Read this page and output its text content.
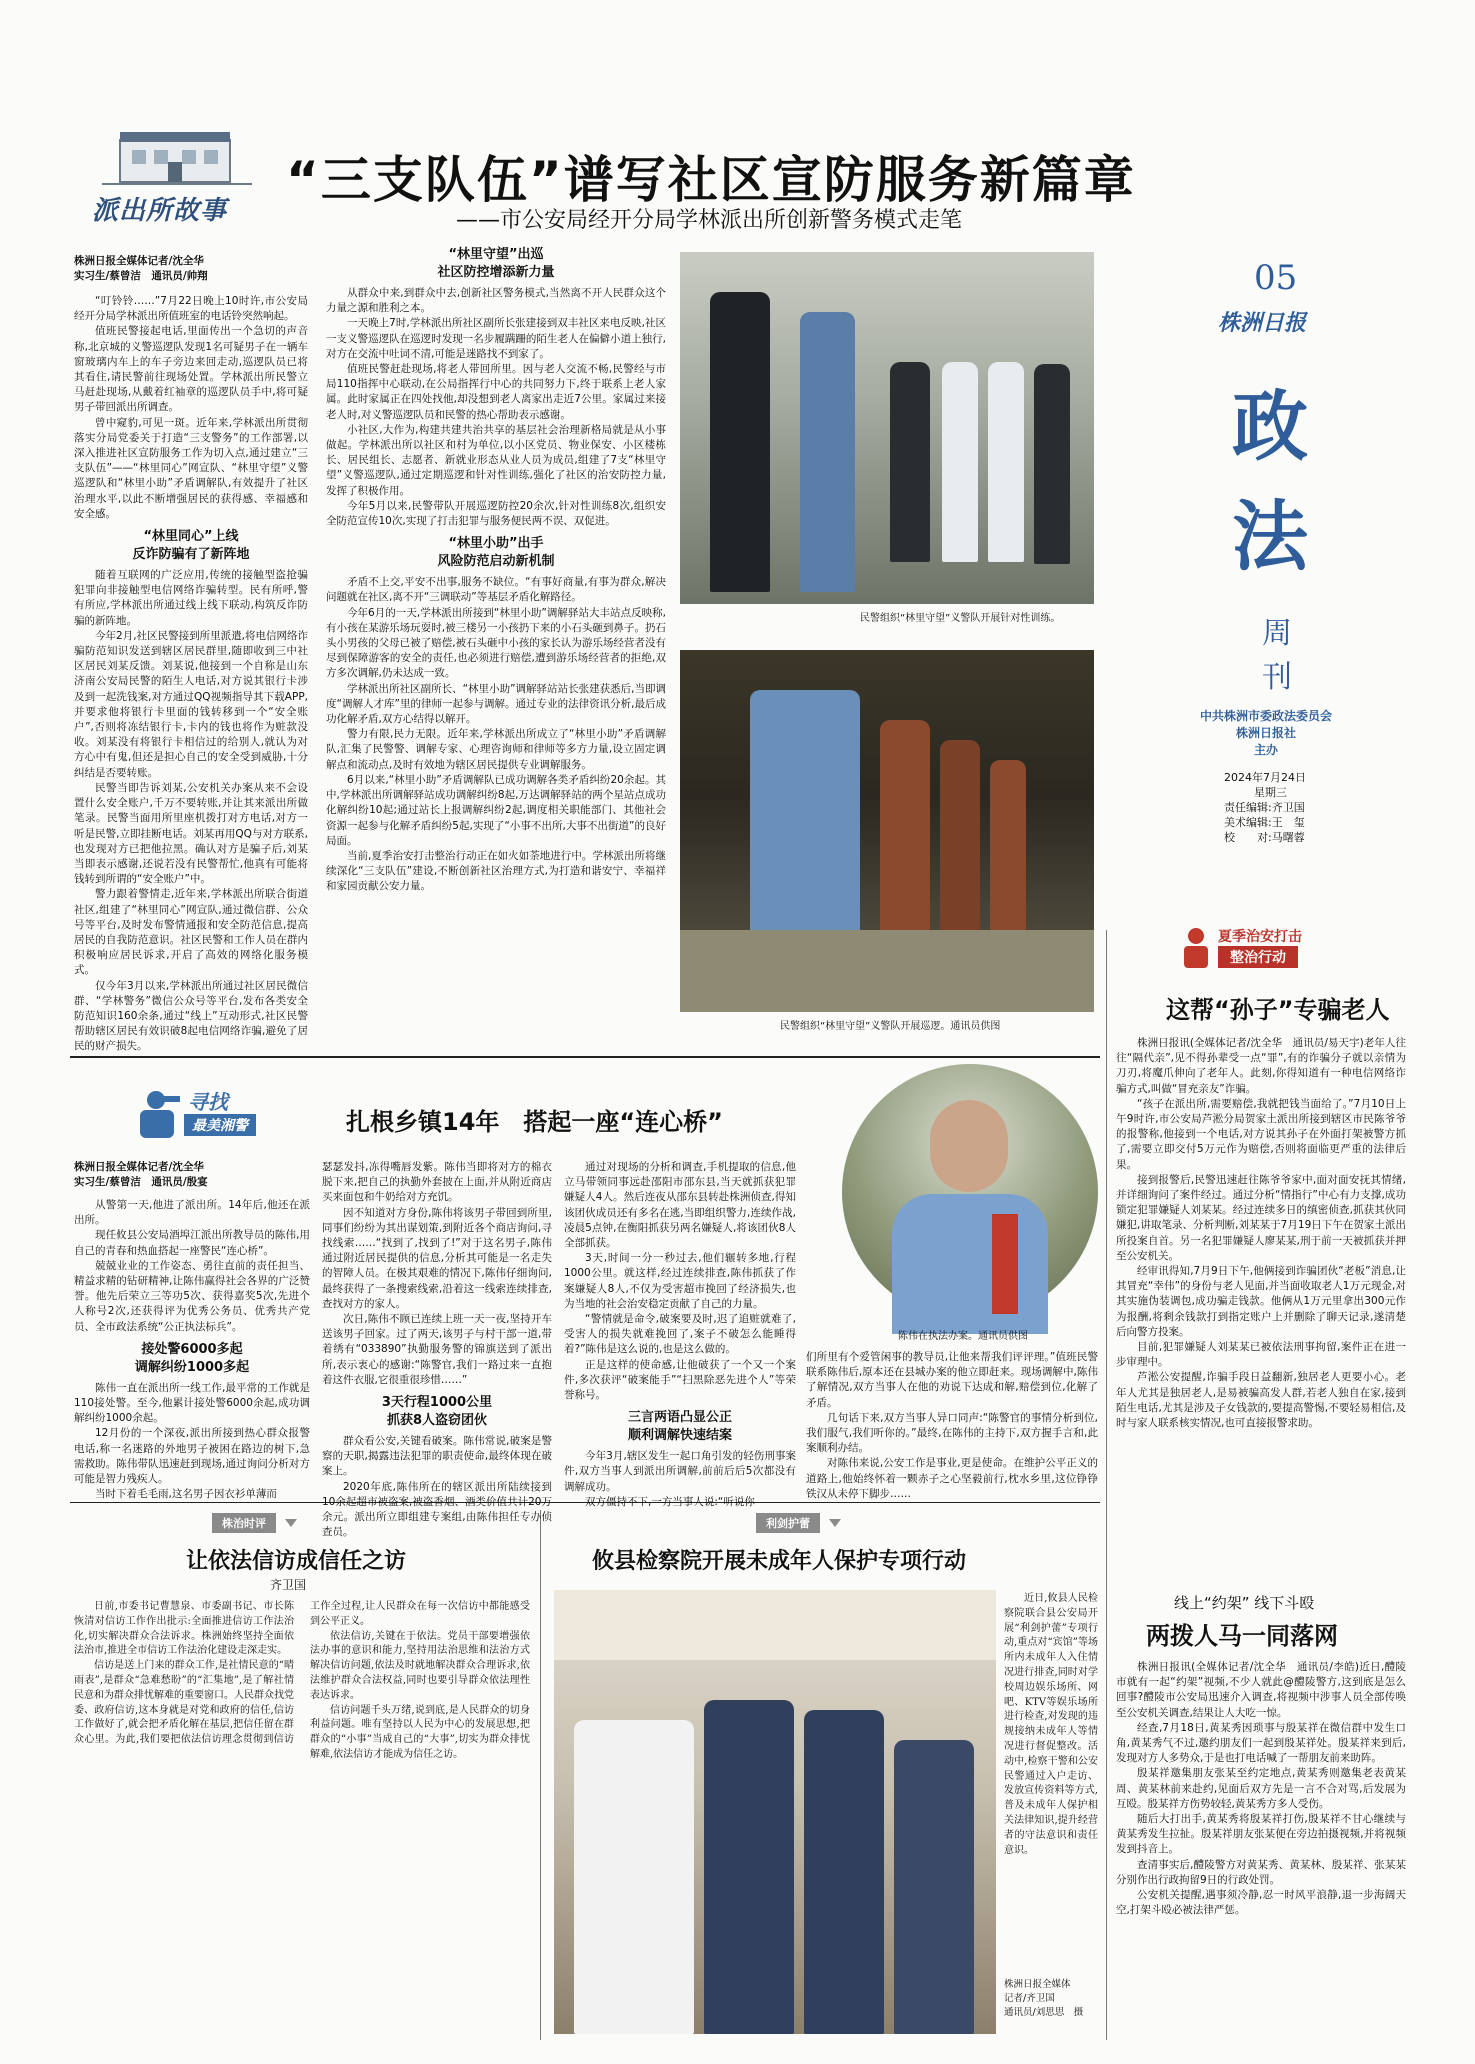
派出所故事
“三支队伍”谱写社区宣防服务新篇章
——市公安局经开分局学林派出所创新警务模式走笔
株洲日报全媒体记者/沈全华
实习生/蔡曾洁　通讯员/帅翔

“叮铃铃……”7月22日晚上10时许,市公安局经开分局学林派出所值班室的电话铃突然响起。

值班民警接起电话,里面传出一个急切的声音称,北京城的义警巡逻队发现1名可疑男子在一辆车窗玻璃内车上的车子旁边来回走动,巡逻队员已将其看住,请民警前往现场处置。学林派出所民警立马赶赴现场,从戴着红袖章的巡逻队员手中,将可疑男子带回派出所调查。

曾中窥豹,可见一斑。近年来,学林派出所贯彻落实分局党委关于打造“三支警务”的工作部署,以深入推进社区宣防服务工作为切入点,通过建立“三支队伍”——“林里同心”网宣队、“林里守望”义警巡逻队和“林里小助”矛盾调解队,有效提升了社区治理水平,以此不断增强居民的获得感、幸福感和安全感。

“林里同心”上线
反诈防骗有了新阵地

随着互联网的广泛应用,传统的接触型盗抢骗犯罪向非接触型电信网络诈骗转型。民有所呼,警有所应,学林派出所通过线上线下联动,构筑反诈防骗的新阵地。

今年2月,社区民警接到所里派遣,将电信网络诈骗防范知识发送到辖区居民群里,随即收到三中社区居民刘某反馈。刘某说,他接到一个自称是山东济南公安局民警的陌生人电话,对方说其银行卡涉及到一起洗钱案,对方通过QQ视频指导其下载APP,并要求他将银行卡里面的钱转移到一个“安全账户”,否则将冻结银行卡,卡内的钱也将作为赃款没收。刘某没有将银行卡相信过的给别人,就认为对方心中有鬼,但还是担心自己的安全受到威胁,十分纠结是否要转账。

民警当即告诉刘某,公安机关办案从来不会设置什么安全账户,千万不要转账,并让其来派出所做笔录。民警当面用所里座机拨打对方电话,对方一听是民警,立即挂断电话。刘某再用QQ与对方联系,也发现对方已把他拉黑。确认对方是骗子后,刘某当即表示感谢,还说若没有民警帮忙,他真有可能将钱转到所谓的“安全账户”中。

警力跟着警情走,近年来,学林派出所联合街道社区,组建了“林里同心”网宣队,通过微信群、公众号等平台,及时发布警情通报和安全防范信息,提高居民的自我防范意识。社区民警和工作人员在群内积极响应居民诉求,开启了高效的网络化服务模式。

仅今年3月以来,学林派出所通过社区居民微信群、“学林警务”微信公众号等平台,发布各类安全防范知识160余条,通过“线上”互动形式,社区民警帮助辖区居民有效识破8起电信网络诈骗,避免了居民的财产损失。

“林里守望”出巡
社区防控增添新力量

从群众中来,到群众中去,创新社区警务模式,当然离不开人民群众这个力量之源和胜利之本。

一天晚上7时,学林派出所社区副所长张建接到双丰社区来电反映,社区一支义警巡逻队在巡逻时发现一名步履蹒跚的陌生老人在偏僻小道上独行,对方在交流中吐词不清,可能是迷路找不到家了。

值班民警赶赴现场,将老人带回所里。因与老人交流不畅,民警经与市局110指挥中心联动,在公局指挥行中心的共同努力下,终于联系上老人家属。此时家属正在四处找他,却没想到老人离家出走近7公里。家属过来接老人时,对义警巡逻队员和民警的热心帮助表示感谢。

小社区,大作为,构建共建共治共享的基层社会治理新格局就是从小事做起。学林派出所以社区和村为单位,以小区党员、物业保安、小区楼栋长、居民组长、志愿者、新就业形态从业人员为成员,组建了7支“林里守望”义警巡逻队,通过定期巡逻和针对性训练,强化了社区的治安防控力量,发挥了积极作用。

今年5月以来,民警带队开展巡逻防控20余次,针对性训练8次,组织安全防范宣传10次,实现了打击犯罪与服务便民两不误、双促进。

“林里小助”出手
风险防范启动新机制

矛盾不上交,平安不出事,服务不缺位。“有事好商量,有事为群众,解决问题就在社区,离不开“三调联动”等基层矛盾化解路径。

今年6月的一天,学林派出所接到“林里小助”调解驿站大丰站点反映称,有小孩在某游乐场玩耍时,被三楼另一小孩扔下来的小石头砸到鼻子。扔石头小男孩的父母已被了赔偿,被石头砸中小孩的家长认为游乐场经营者没有尽到保障游客的安全的责任,也必须进行赔偿,遭到游乐场经营者的拒绝,双方多次调解,仍未达成一致。

学林派出所社区副所长、“林里小助”调解驿站站长张建获悉后,当即调度“调解人才库”里的律师一起参与调解。通过专业的法律资讯分析,最后成功化解矛盾,双方心结得以解开。

警力有限,民力无限。近年来,学林派出所成立了“林里小助”矛盾调解队,汇集了民警警、调解专家、心理咨询师和律师等多方力量,设立固定调解点和流动点,及时有效地为辖区居民提供专业调解服务。

6月以来,“林里小助”矛盾调解队已成功调解各类矛盾纠纷20余起。其中,学林派出所调解驿站成功调解纠纷8起,万达调解驿站的两个星站点成功化解纠纷10起;通过站长上报调解纠纷2起,调度相关职能部门、其他社会资源一起参与化解矛盾纠纷5起,实现了“小事不出所,大事不出街道”的良好局面。

当前,夏季治安打击整治行动正在如火如荼地进行中。学林派出所将继续深化“三支队伍”建设,不断创新社区治理方式,为打造和谐安宁、幸福祥和家园贡献公安力量。

民警组织“林里守望”义警队开展针对性训练。
民警组织“林里守望”义警队开展巡逻。通讯员供图
05
株洲日报
政法
周刊
中共株洲市委政法委员会
株洲日报社
主办
2024年7月24日
星期三
责任编辑:齐卫国
美术编辑:王　玺
校　　对:马曙蓉
夏季治安打击
整治行动
这帮“孙子”专骗老人

株洲日报讯(全媒体记者/沈全华　通讯员/易天宇)老年人往往“隔代亲”,见不得孙辈受一点“罪”,有的诈骗分子就以亲情为刀刃,将魔爪伸向了老年人。此刻,你得知道有一种电信网络诈骗方式,叫做“冒充亲友”诈骗。

“孩子在派出所,需要赔偿,我就把钱当面给了。”7月10日上午9时许,市公安局芦淞分局贺家土派出所接到辖区市民陈爷爷的报警称,他接到一个电话,对方说其孙子在外面打架被警方抓了,需要立即交付5万元作为赔偿,否则将面临更严重的法律后果。

接到报警后,民警迅速赶往陈爷爷家中,面对面安抚其情绪,并详细询问了案件经过。通过分析“情指行”中心有力支撑,成功锁定犯罪嫌疑人刘某某。经过连续多日的缜密侦查,抓获其伙同嫌犯,讲取笔录、分析判断,刘某某于7月19日下午在贺家土派出所投案自首。另一名犯罪嫌疑人廖某某,刑于前一天被抓获并押至公安机关。

经审讯得知,7月9日下午,他俩接到诈骗团伙“老板”消息,让其冒充“幸伟”的身份与老人见面,并当面收取老人1万元现金,对其实施伪装调包,成功骗走钱款。他俩从1万元里拿出300元作为报酬,将剩余钱款打到指定账户上并删除了聊天记录,遂清楚后向警方投案。

目前,犯罪嫌疑人刘某某已被依法刑事拘留,案件正在进一步审理中。

芦淞公安提醒,诈骗手段日益翻新,独居老人更要小心。老年人尤其是独居老人,是易被骗高发人群,若老人独自在家,接到陌生电话,尤其是涉及子女钱款的,要提高警惕,不要轻易相信,及时与家人联系核实情况,也可直接报警求助。

线上“约架” 线下斗殴
两拨人马一同落网

株洲日报讯(全媒体记者/沈全华　通讯员/李皓)近日,醴陵市就有一起“约架”视频,不少人就此@醴陵警方,这到底是怎么回事?醴陵市公安局迅速介入调查,将视频中涉事人员全部传唤至公安机关调查,结果让人大吃一惊。

经查,7月18日,黄某秀因琐事与殷某祥在微信群中发生口角,黄某秀气不过,邀约朋友们一起到殷某祥处。殷某祥来到后,发现对方人多势众,于是也打电话喊了一帮朋友前来助阵。

殷某祥邀集朋友张某至约定地点,黄某秀则邀集老表黄某周、黄某林前来赴约,见面后双方先是一言不合对骂,后发展为互殴。殷某祥方伤势较轻,黄某秀方多人受伤。

随后大打出手,黄某秀将殷某祥打伤,殷某祥不甘心继续与黄某秀发生拉扯。殷某祥朋友张某便在旁边拍摄视频,并将视频发到抖音上。

查清事实后,醴陵警方对黄某秀、黄某林、殷某祥、张某某分别作出行政拘留9日的行政处罚。

公安机关提醒,遇事须冷静,忍一时风平浪静,退一步海阔天空,打架斗殴必被法律严惩。

寻找
最美湘警	扎根乡镇14年　搭起一座“连心桥”
株洲日报全媒体记者/沈全华
实习生/蔡曾洁　通讯员/殷宴

从警第一天,他进了派出所。14年后,他还在派出所。

现任攸县公安局酒埠江派出所教导员的陈伟,用自己的青春和热血搭起一座警民“连心桥”。

兢兢业业的工作姿态、勇往直前的责任担当、精益求精的钻研精神,让陈伟赢得社会各界的广泛赞誉。他先后荣立三等功5次、获得嘉奖5次,先进个人称号2次,还获得评为优秀公务员、优秀共产党员、全市政法系统“公正执法标兵”。

接处警6000多起
调解纠纷1000多起

陈伟一直在派出所一线工作,最平常的工作就是110接处警。至今,他累计接处警6000余起,成功调解纠纷1000余起。

12月份的一个深夜,派出所接到热心群众报警电话,称一名迷路的外地男子被困在路边的树下,急需救助。陈伟带队迅速赶到现场,通过询问分析对方可能是智力残疾人。

当时下着毛毛雨,这名男子因衣衫单薄而

瑟瑟发抖,冻得嘴唇发紫。陈伟当即将对方的棉衣脱下来,把自己的执勤外套披在上面,并从附近商店买来面包和牛奶给对方充饥。

因不知道对方身份,陈伟将该男子带回到所里,同事们纷纷为其出谋划策,到附近各个商店询问,寻找线索……“找到了,找到了!”对于这名男子,陈伟通过附近居民提供的信息,分析其可能是一名走失的智障人员。在极其艰难的情况下,陈伟仔细询问,最终获得了一条搜索线索,沿着这一线索连续排查,查找对方的家人。

次日,陈伟不顾已连续上班一天一夜,坚持开车送该男子回家。过了两天,该男子与村干部一道,带着绣有“033890”执勤服务警的锦旗送到了派出所,表示衷心的感谢:“陈警官,我们一路过来一直抱着这件衣服,它很重很珍惜……”

3天行程1000公里
抓获8人盗窃团伙

群众看公安,关键看破案。陈伟常说,破案是警察的天职,揭露违法犯罪的职责使命,最终体现在破案上。

2020年底,陈伟所在的辖区派出所陆续接到10余起超市被盗案,被盗香烟、酒类价值共计20万余元。派出所立即组建专案组,由陈伟担任专办侦查员。

通过对现场的分析和调查,手机提取的信息,他立马带领同事远赴邵阳市邵东县,当天就抓获犯罪嫌疑人4人。然后连夜从邵东县转赴株洲侦查,得知该团伙成员还有多名在逃,当即组织警力,连续作战,凌晨5点钟,在衡阳抓获另两名嫌疑人,将该团伙8人全部抓获。

3天,时间一分一秒过去,他们辗转多地,行程1000公里。就这样,经过连续排查,陈伟抓获了作案嫌疑人8人,不仅为受害超市挽回了经济损失,也为当地的社会治安稳定贡献了自己的力量。

“警情就是命令,破案要及时,迟了追赃就难了,受害人的损失就难挽回了,案子不破怎么能睡得着?”陈伟是这么说的,也是这么做的。

正是这样的使命感,让他破获了一个又一个案件,多次获评“破案能手”“扫黑除恶先进个人”等荣誉称号。

三言两语凸显公正
顺利调解快速结案

今年3月,辖区发生一起口角引发的轻伤刑事案件,双方当事人到派出所调解,前前后后5次都没有调解成功。

双方僵持不下,一方当事人说:“听说你

陈伟在执法办案。通讯员供图

们所里有个爱管闲事的教导员,让他来帮我们评评理。”值班民警联系陈伟后,原本还在县城办案的他立即赶来。现场调解中,陈伟了解情况,双方当事人在他的劝说下达成和解,赔偿到位,化解了矛盾。

几句话下来,双方当事人异口同声:“陈警官的事情分析到位,我们服气,我们听你的。”最终,在陈伟的主持下,双方握手言和,此案顺利办结。

对陈伟来说,公安工作是事业,更是使命。在维护公平正义的道路上,他始终怀着一颗赤子之心坚毅前行,枕水乡里,这位铮铮铁汉从未停下脚步……

株治时评
让依法信访成信任之访
齐卫国

日前,市委书记曹慧泉、市委副书记、市长陈恢清对信访工作作出批示:全面推进信访工作法治化,切实解决群众合法诉求。株洲始终坚持全面依法治市,推进全市信访工作法治化建设走深走实。

信访是送上门来的群众工作,是社情民意的“晴雨表”,是群众“急难愁盼”的“汇集地”,是了解社情民意和为群众排忧解难的重要窗口。人民群众找党委、政府信访,这本身就是对党和政府的信任,信访工作做好了,就会把矛盾化解在基层,把信任留在群众心里。为此,我们要把依法信访理念贯彻到信访工作全过程,让人民群众在每一次信访中都能感受到公平正义。

依法信访,关键在于依法。党员干部要增强依法办事的意识和能力,坚持用法治思维和法治方式解决信访问题,依法及时就地解决群众合理诉求,依法维护群众合法权益,同时也要引导群众依法理性表达诉求。

信访问题千头万绪,说到底,是人民群众的切身利益问题。唯有坚持以人民为中心的发展思想,把群众的“小事”当成自己的“大事”,切实为群众排忧解难,依法信访才能成为信任之访。

利剑护蕾
攸县检察院开展未成年人保护专项行动

近日,攸县人民检察院联合县公安局开展“利剑护蕾”专项行动,重点对“宾馆”等场所内未成年人入住情况进行排查,同时对学校周边娱乐场所、网吧、KTV等娱乐场所进行检查,对发现的违规接纳未成年人等情况进行督促整改。活动中,检察干警和公安民警通过入户走访、发放宣传资料等方式,普及未成年人保护相关法律知识,提升经营者的守法意识和责任意识。

株洲日报全媒体
记者/齐卫国
通讯员/刘思思　摄
